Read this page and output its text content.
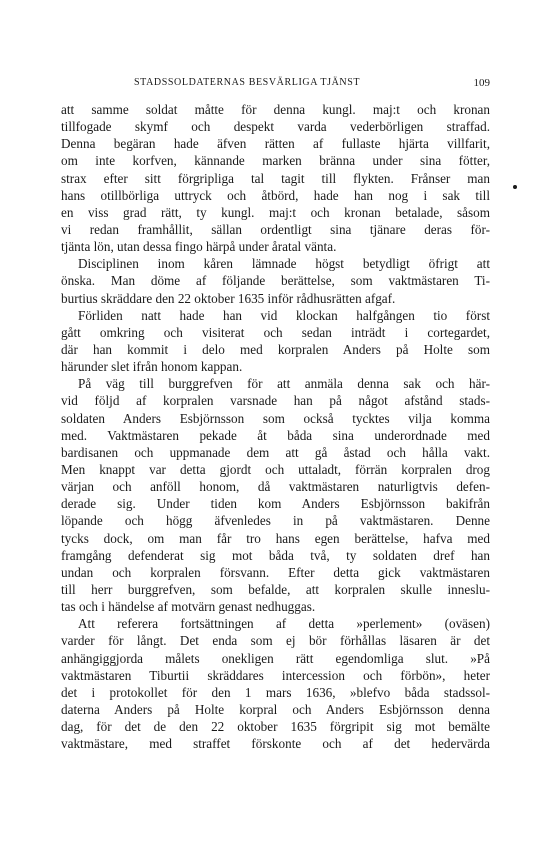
STADSSOLDATERNAS BESVÄRLIGA TJÄNST	109
att samme soldat måtte för denna kungl. maj:t och kronan
tillfogade skymf och despekt varda vederbörligen straffad.
Denna begäran hade äfven rätten af fullaste hjärta villfarit,
om inte korfven, kännande marken bränna under sina fötter,
strax efter sitt förgripliga tal tagit till flykten. Frånser man
hans otillbörliga uttryck och åtbörd, hade han nog i sak till
en viss grad rätt, ty kungl. maj:t och kronan betalade, såsom
vi redan framhållit, sällan ordentligt sina tjänare deras för-
tjänta lön, utan dessa fingo härpå under åratal vänta.
Disciplinen inom kåren lämnade högst betydligt öfrigt att
önska. Man döme af följande berättelse, som vaktmästaren Ti-
burtius skräddare den 22 oktober 1635 inför rådhusrätten afgaf.
Förliden natt hade han vid klockan halfgången tio först
gått omkring och visiterat och sedan inträdt i cortegardet,
där han kommit i delo med korpralen Anders på Holte som
härunder slet ifrån honom kappan.
På väg till burggrefven för att anmäla denna sak och här-
vid följd af korpralen varsnade han på något afstånd stads-
soldaten Anders Esbjörnsson som också tycktes vilja komma
med. Vaktmästaren pekade åt båda sina underordnade med
bardisanen och uppmanade dem att gå åstad och hålla vakt.
Men knappt var detta gjordt och uttaladt, förrän korpralen drog
värjan och anföll honom, då vaktmästaren naturligtvis defen-
derade sig. Under tiden kom Anders Esbjörnsson bakifrån
löpande och högg äfvenledes in på vaktmästaren. Denne
tycks dock, om man får tro hans egen berättelse, hafva med
framgång defenderat sig mot båda två, ty soldaten dref han
undan och korpralen försvann. Efter detta gick vaktmästaren
till herr burggrefven, som befalde, att korpralen skulle inneslu-
tas och i händelse af motvärn genast nedhuggas.
Att referera fortsättningen af detta »perlement» (oväsen)
varder för långt. Det enda som ej bör förhållas läsaren är det
anhängiggjorda målets onekligen rätt egendomliga slut. »På
vaktmästaren Tiburtii skräddares intercession och förbön», heter
det i protokollet för den 1 mars 1636, »blefvo båda stadssol-
daterna Anders på Holte korpral och Anders Esbjörnsson denna
dag, för det de den 22 oktober 1635 förgripit sig mot bemälte
vaktmästare, med straffet förskonte och af det hedervärda
